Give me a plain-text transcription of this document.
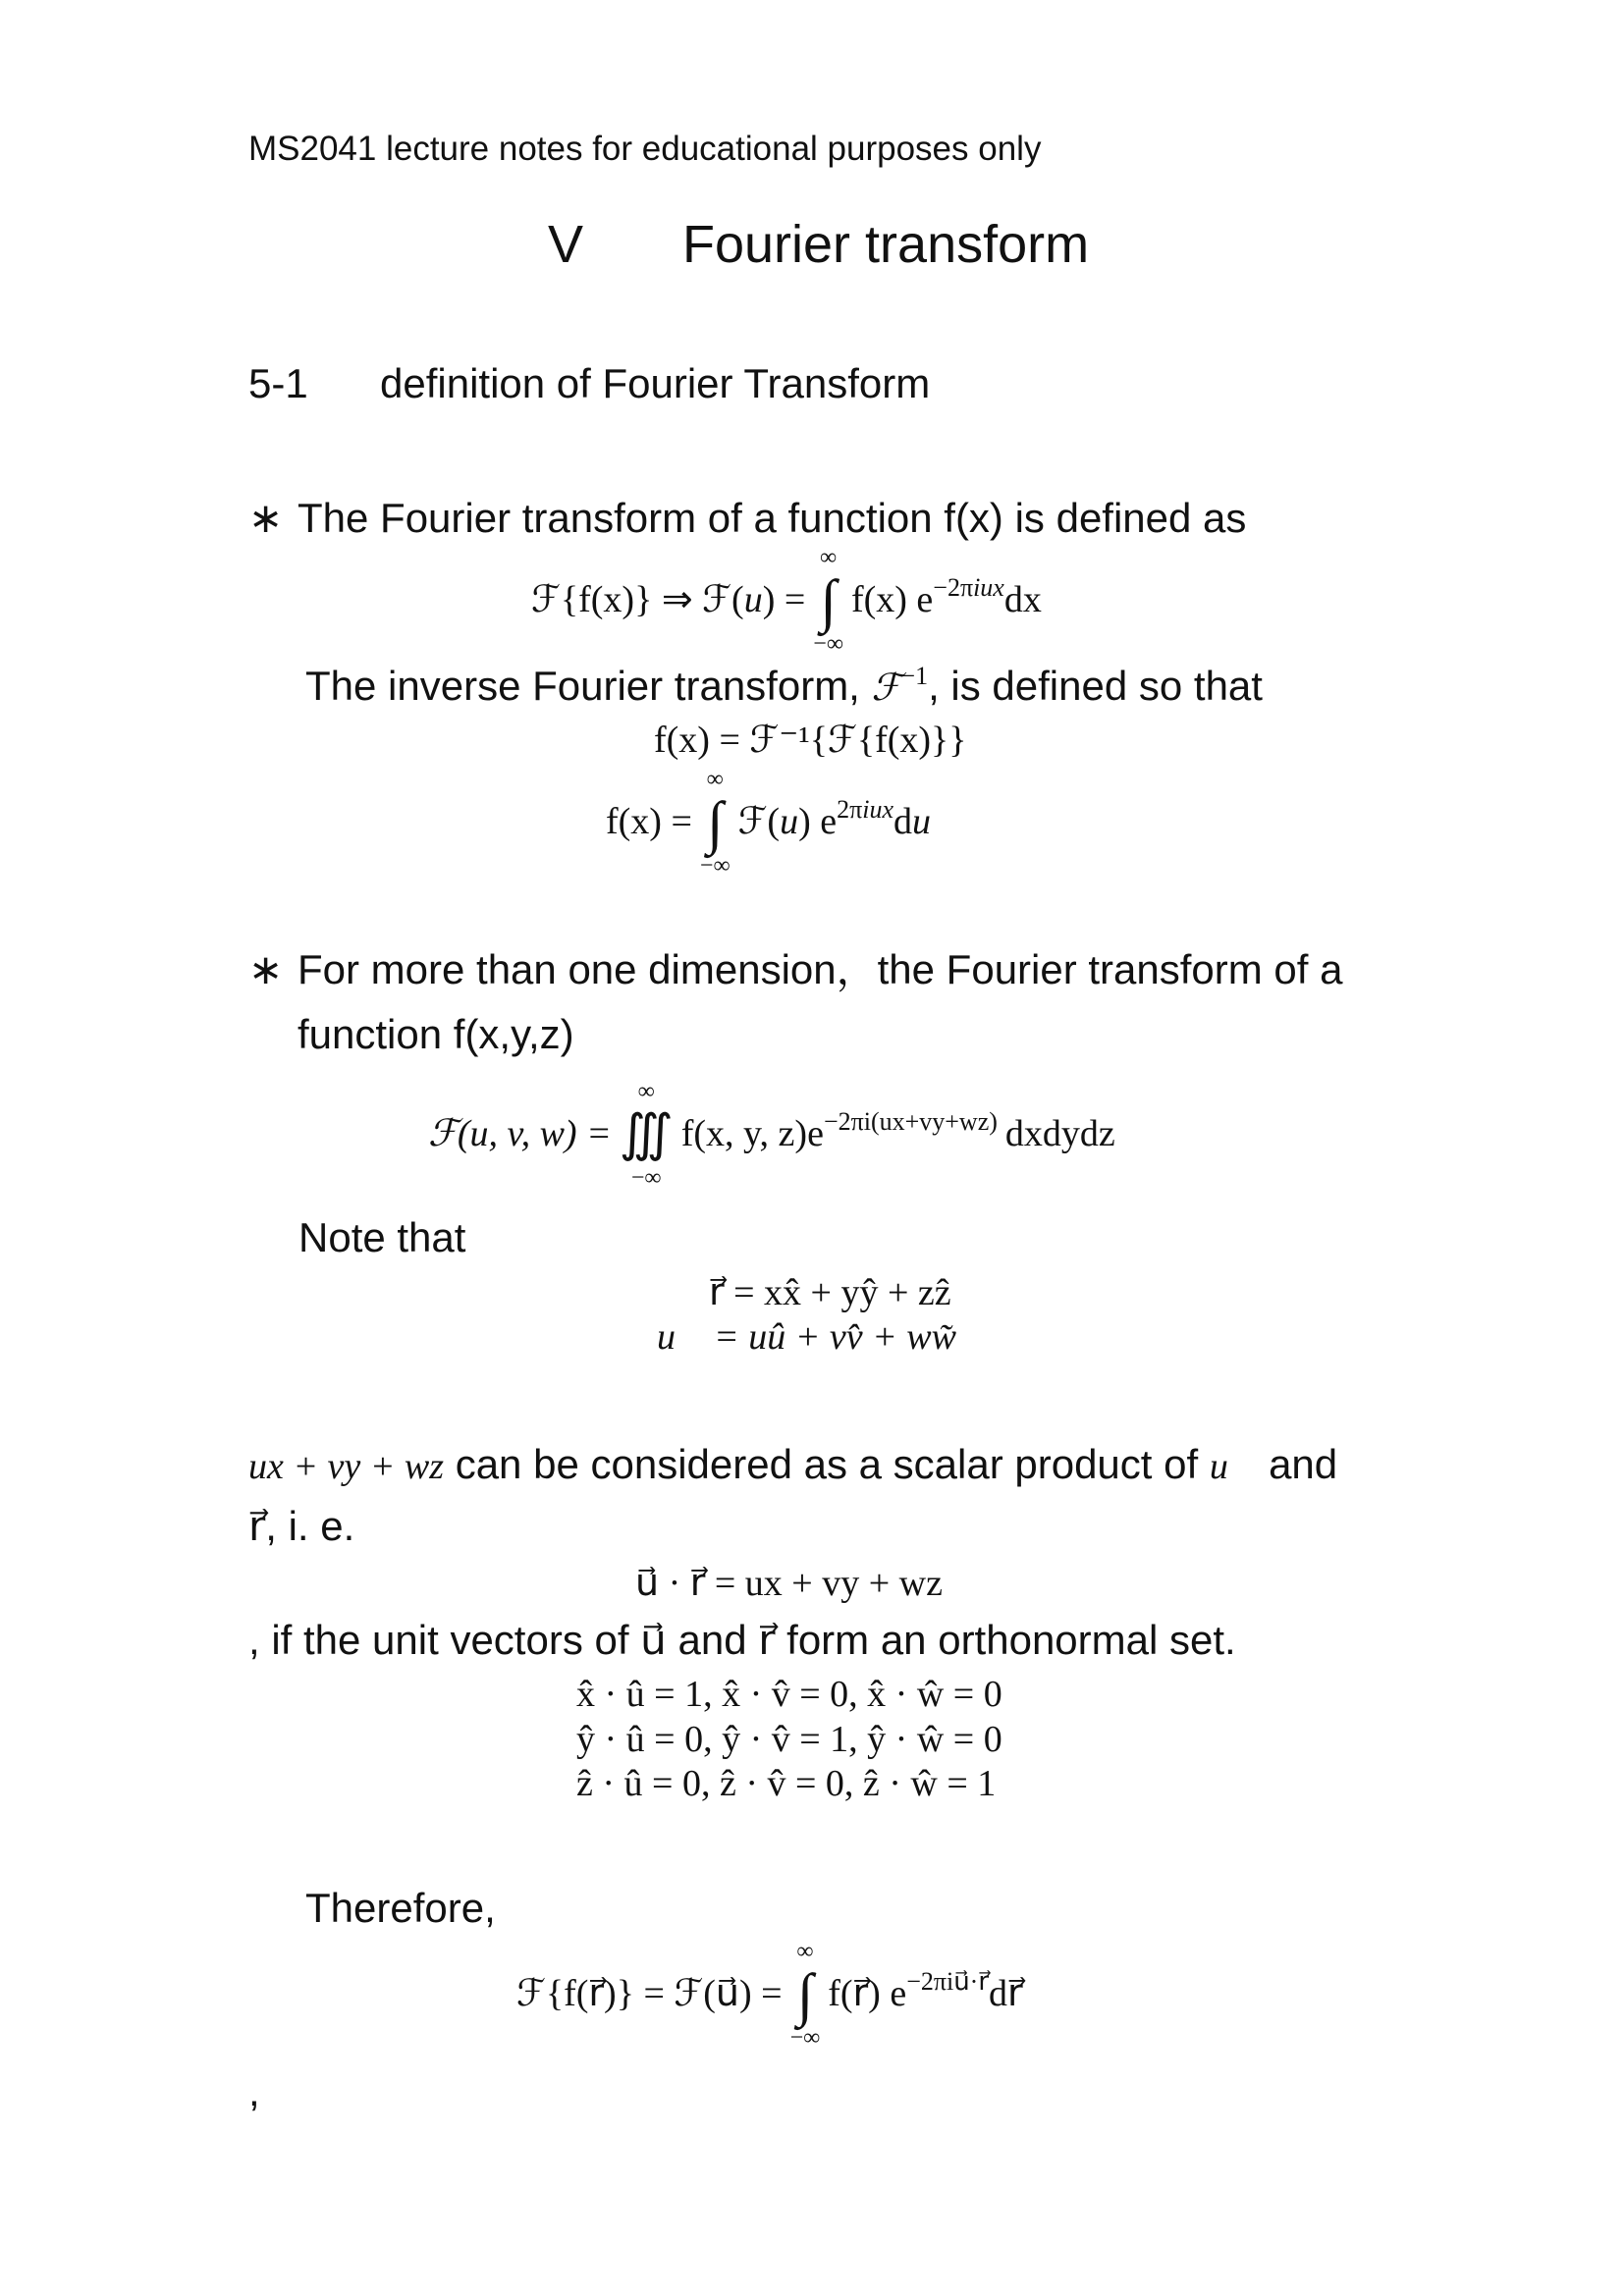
MS2041 lecture notes for educational purposes only
V Fourier transform
5-1 definition of Fourier Transform
∗ The Fourier transform of a function f(x) is defined as
ℱ{f(x)} ⇒ ℱ(u) =
∞
∫
−∞
f(x) $e^{-2\pi iux}dx$
The inverse Fourier transform, ℱ$^{-1}$, is defined so that
f(x) = ℱ⁻¹{ℱ{f(x)}}
f(x) =
∞
∫
−∞
ℱ(u) $e^{2\pi iux}du$
∗ For more than one dimension，the Fourier transform of a
function f(x,y,z)
ℱ(u, v, w) =
∞
∭
−∞
f(x, y, $z)e^{-2\pi i(ux+vy+wz)}$ dxdydz
Note that
r⃗ = xx̂ + yŷ + zẑ
u⃗ = uû + vv̂ + ww̃
ux + vy + wz can be considered as a scalar product of u⃗ and
r⃗, i. e.
u⃗ · r⃗ = ux + vy + wz
, if the unit vectors of u⃗ and r⃗ form an orthonormal set.
x̂ · û = 1, x̂ · v̂ = 0, x̂ · ŵ = 0
ŷ · û = 0, ŷ · v̂ = 1, ŷ · ŵ = 0
ẑ · û = 0, ẑ · v̂ = 0, ẑ · ŵ = 1
Therefore,
ℱ{f(r⃗)} = ℱ(u⃗) =
∞
∫
−∞
f(r⃗) $e^{-2\pi iu⃗\cdot r⃗}dr⃗$
,
